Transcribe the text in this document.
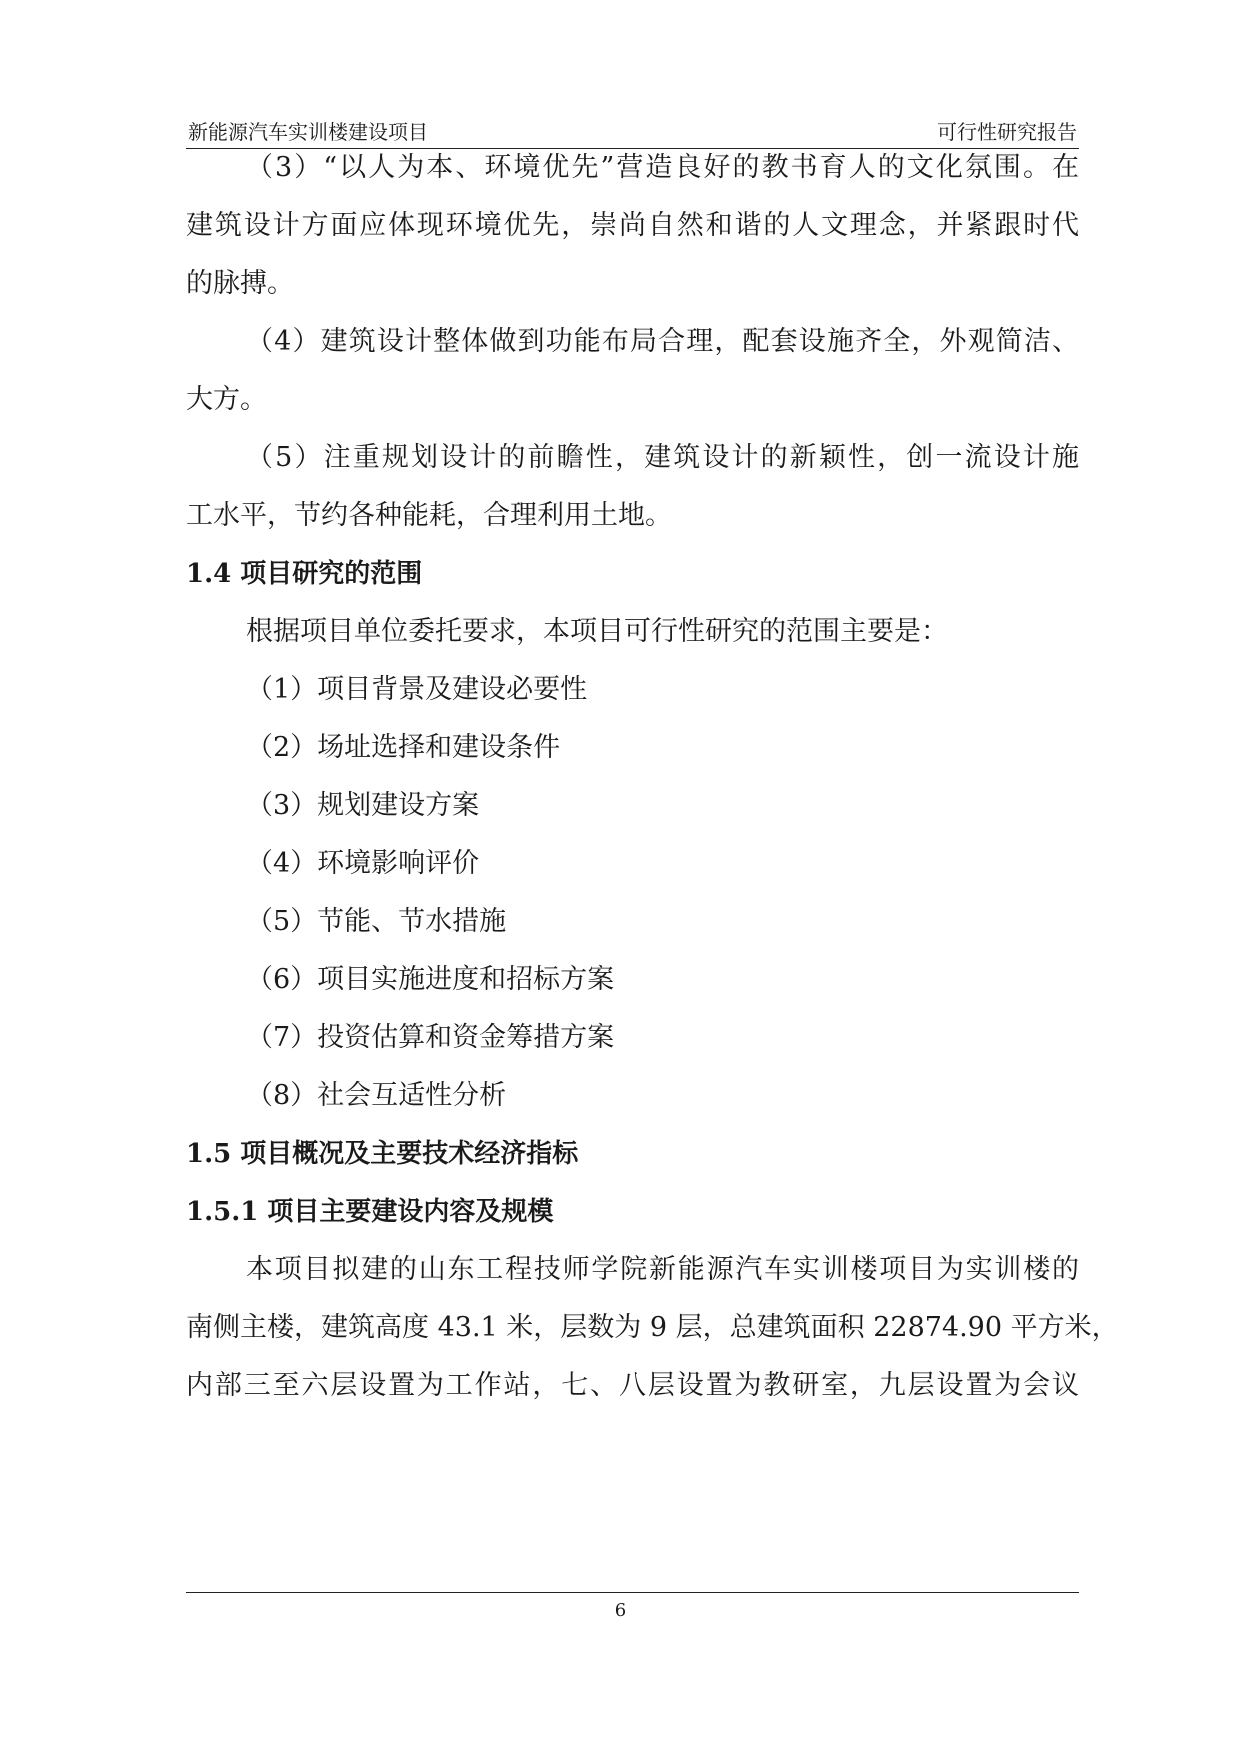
新能源汽车实训楼建设项目	可行性研究报告
（3）“以人为本、环境优先”营造良好的教书育人的文化氛围。在
建筑设计方面应体现环境优先，崇尚自然和谐的人文理念，并紧跟时代
的脉搏。
（4）建筑设计整体做到功能布局合理，配套设施齐全，外观简洁、
大方。
（5）注重规划设计的前瞻性，建筑设计的新颖性，创一流设计施
工水平，节约各种能耗，合理利用土地。
1.4 项目研究的范围
根据项目单位委托要求，本项目可行性研究的范围主要是：
（1）项目背景及建设必要性
（2）场址选择和建设条件
（3）规划建设方案
（4）环境影响评价
（5）节能、节水措施
（6）项目实施进度和招标方案
（7）投资估算和资金筹措方案
（8）社会互适性分析
1.5 项目概况及主要技术经济指标
1.5.1 项目主要建设内容及规模
本项目拟建的山东工程技师学院新能源汽车实训楼项目为实训楼的
南侧主楼，建筑高度 43.1 米，层数为 9 层，总建筑面积 22874.90 平方米，
内部三至六层设置为工作站，七、八层设置为教研室，九层设置为会议
6
